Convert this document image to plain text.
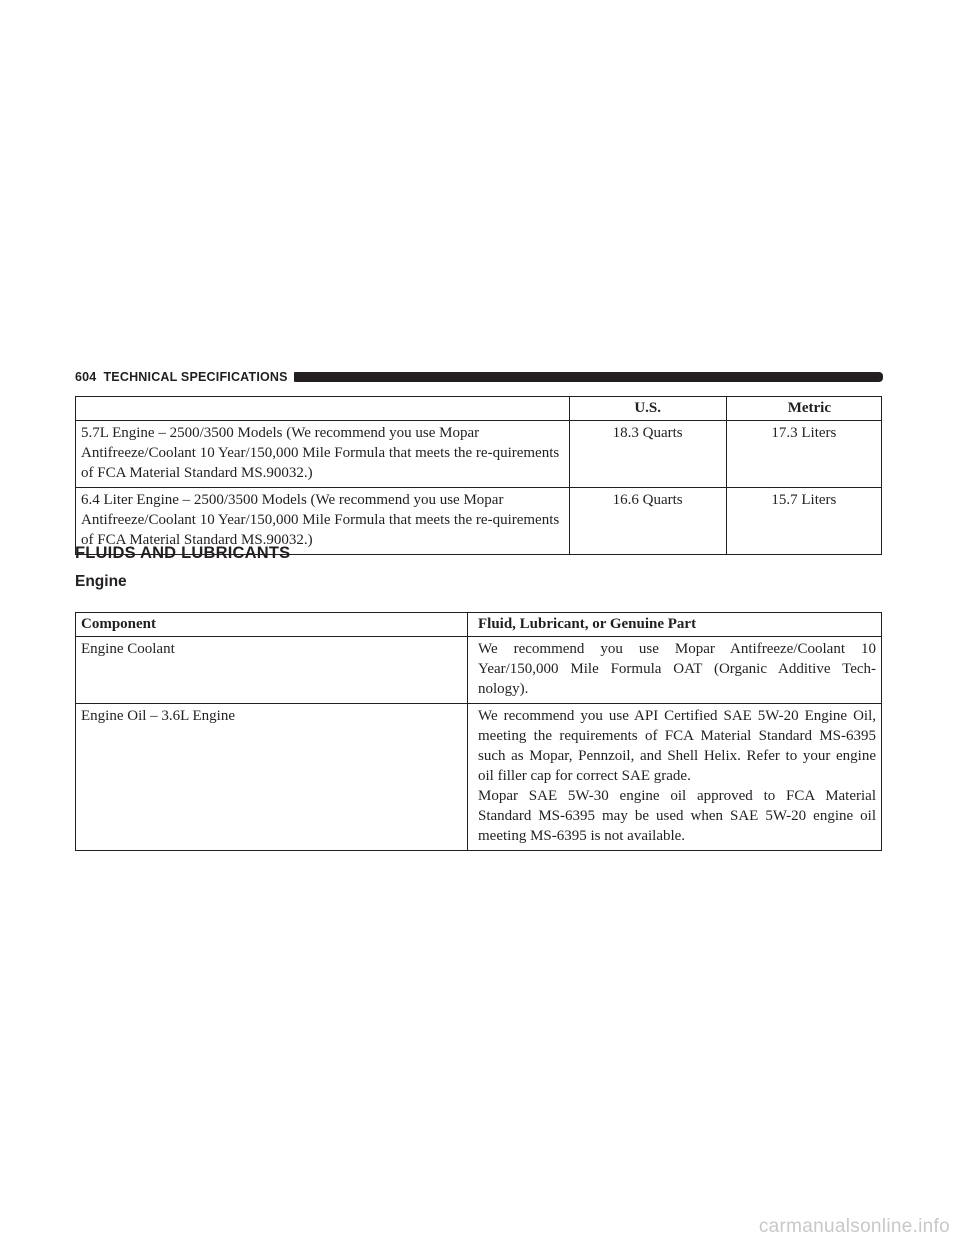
604 TECHNICAL SPECIFICATIONS
	U.S.	Metric
5.7L Engine – 2500/3500 Models (We recommend you use Mopar Antifreeze/Coolant 10 Year/150,000 Mile Formula that meets the re-quirements of FCA Material Standard MS.90032.)	18.3 Quarts	17.3 Liters
6.4 Liter Engine – 2500/3500 Models (We recommend you use Mopar Antifreeze/Coolant 10 Year/150,000 Mile Formula that meets the re-quirements of FCA Material Standard MS.90032.)	16.6 Quarts	15.7 Liters
FLUIDS AND LUBRICANTS
Engine
Component	Fluid, Lubricant, or Genuine Part
Engine Coolant	We recommend you use Mopar Antifreeze/Coolant 10 Year/150,000 Mile Formula OAT (Organic Additive Tech-nology).

Engine Oil – 3.6L Engine	We recommend you use API Certified SAE 5W-20 Engine Oil, meeting the requirements of FCA Material Standard MS-6395 such as Mopar, Pennzoil, and Shell Helix. Refer to your engine oil filler cap for correct SAE grade.
Mopar SAE 5W-30 engine oil approved to FCA Material Standard MS-6395 may be used when SAE 5W-20 engine oil meeting MS-6395 is not available.
carmanualsonline.info
